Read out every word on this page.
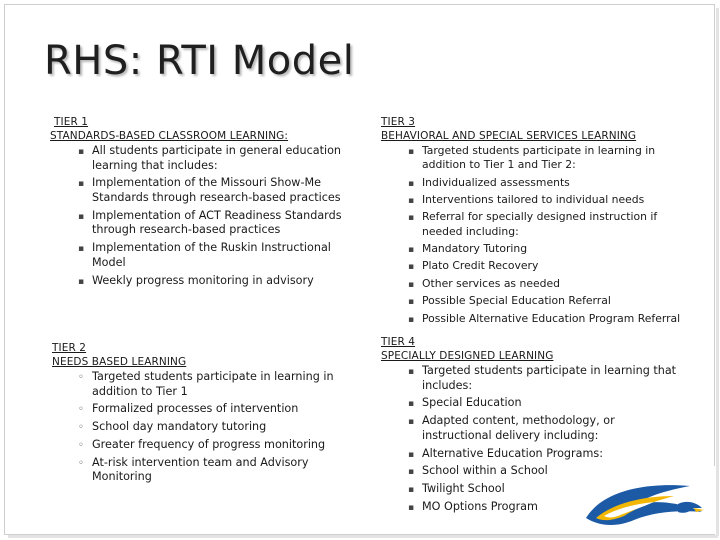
RHS: RTI Model
TIER 1
STANDARDS-BASED CLASSROOM LEARNING:
▪ All students participate in general education learning that includes:
▪ Implementation of the Missouri Show-Me Standards through research-based practices
▪ Implementation of ACT Readiness Standards through research-based practices
▪ Implementation of the Ruskin Instructional Model
▪ Weekly progress monitoring in advisory
TIER 2
NEEDS BASED LEARNING
◦ Targeted students participate in learning in addition to Tier 1
◦ Formalized processes of intervention
◦ School day mandatory tutoring
◦ Greater frequency of progress monitoring
◦ At-risk intervention team and Advisory Monitoring
TIER 3
BEHAVIORAL AND SPECIAL SERVICES LEARNING
▪ Targeted students participate in learning in addition to Tier 1 and Tier 2:
▪ Individualized assessments
▪ Interventions tailored to individual needs
▪ Referral for specially designed instruction if needed including:
▪ Mandatory Tutoring
▪ Plato Credit Recovery
▪ Other services as needed
▪ Possible Special Education Referral
▪ Possible Alternative Education Program Referral
TIER 4
SPECIALLY DESIGNED LEARNING
▪ Targeted students participate in learning that includes:
▪ Special Education
▪ Adapted content, methodology, or instructional delivery including:
▪ Alternative Education Programs:
▪ School within a School
▪ Twilight School
▪ MO Options Program
